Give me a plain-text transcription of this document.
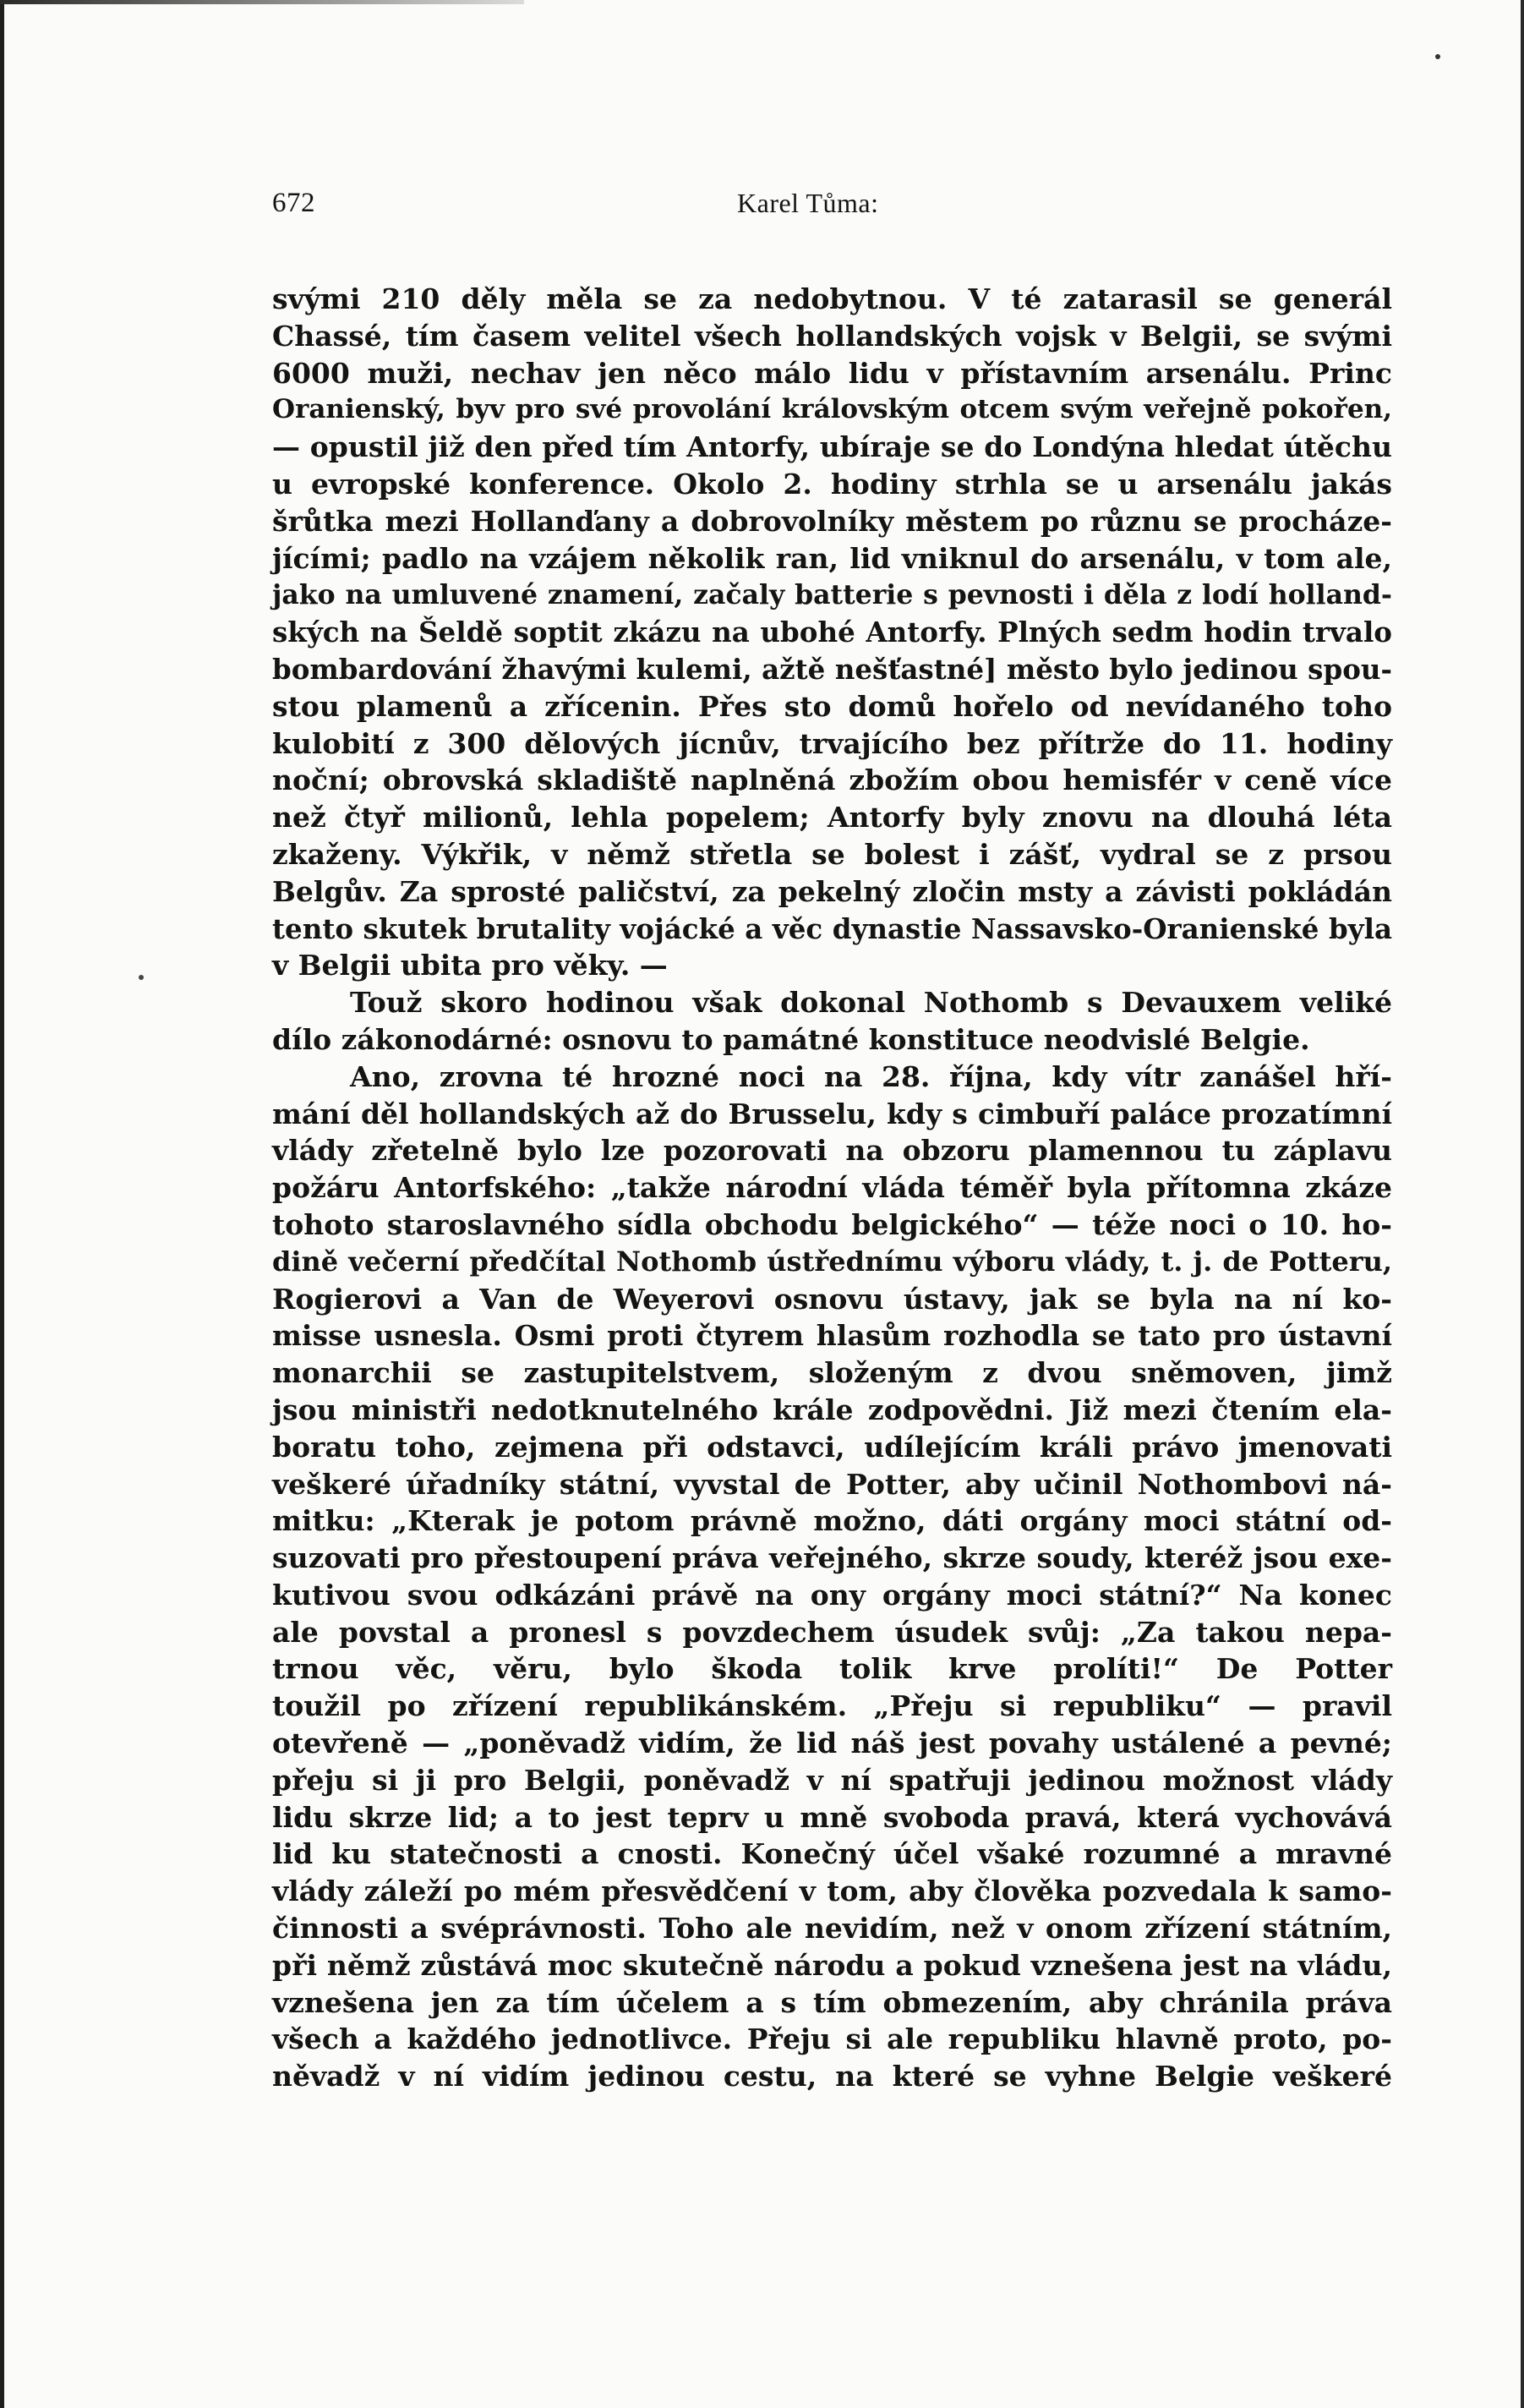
672	Karel Tůma:
svými 210 děly měla se za nedobytnou. V té zatarasil se generál
Chassé, tím časem velitel všech hollandských vojsk v Belgii, se svými
6000 muži, nechav jen něco málo lidu v přístavním arsenálu. Princ
Oranienský, byv pro své provolání královským otcem svým veřejně pokořen,
— opustil již den před tím Antorfy, ubíraje se do Londýna hledat útěchu
u evropské konference. Okolo 2. hodiny strhla se u arsenálu jakás
šrůtka mezi Hollanďany a dobrovolníky městem po různu se procháze-
jícími; padlo na vzájem několik ran, lid vniknul do arsenálu, v tom ale,
jako na umluvené znamení, začaly batterie s pevnosti i děla z lodí holland-
ských na Šeldě soptit zkázu na ubohé Antorfy. Plných sedm hodin trvalo
bombardování žhavými kulemi, ažtě nešťastné] město bylo jedinou spou-
stou plamenů a zřícenin. Přes sto domů hořelo od nevídaného toho
kulobití z 300 dělových jícnův, trvajícího bez přítrže do 11. hodiny
noční; obrovská skladiště naplněná zbožím obou hemisfér v ceně více
než čtyř milionů, lehla popelem; Antorfy byly znovu na dlouhá léta
zkaženy. Výkřik, v němž střetla se bolest i zášť, vydral se z prsou
Belgův. Za sprosté paličství, za pekelný zločin msty a závisti pokládán
tento skutek brutality vojácké a věc dynastie Nassavsko-Oranienské byla
v Belgii ubita pro věky. —
Touž skoro hodinou však dokonal Nothomb s Devauxem veliké
dílo zákonodárné: osnovu to památné konstituce neodvislé Belgie.
Ano, zrovna té hrozné noci na 28. října, kdy vítr zanášel hří-
mání děl hollandských až do Brusselu, kdy s cimbuří paláce prozatímní
vlády zřetelně bylo lze pozorovati na obzoru plamennou tu záplavu
požáru Antorfského: „takže národní vláda téměř byla přítomna zkáze
tohoto staroslavného sídla obchodu belgického“ — téže noci o 10. ho-
dině večerní předčítal Nothomb ústřednímu výboru vlády, t. j. de Potteru,
Rogierovi a Van de Weyerovi osnovu ústavy, jak se byla na ní ko-
misse usnesla. Osmi proti čtyrem hlasům rozhodla se tato pro ústavní
monarchii se zastupitelstvem, složeným z dvou sněmoven, jimž
jsou ministři nedotknutelného krále zodpovědni. Již mezi čtením ela-
boratu toho, zejmena při odstavci, udílejícím králi právo jmenovati
veškeré úřadníky státní, vyvstal de Potter, aby učinil Nothombovi ná-
mitku: „Kterak je potom právně možno, dáti orgány moci státní od-
suzovati pro přestoupení práva veřejného, skrze soudy, kteréž jsou exe-
kutivou svou odkázáni právě na ony orgány moci státní?“ Na konec
ale povstal a pronesl s povzdechem úsudek svůj: „Za takou nepa-
trnou věc, věru, bylo škoda tolik krve prolíti!“ De Potter
toužil po zřízení republikánském. „Přeju si republiku“ — pravil
otevřeně — „poněvadž vidím, že lid náš jest povahy ustálené a pevné;
přeju si ji pro Belgii, poněvadž v ní spatřuji jedinou možnost vlády
lidu skrze lid; a to jest teprv u mně svoboda pravá, která vychovává
lid ku statečnosti a cnosti. Konečný účel všaké rozumné a mravné
vlády záleží po mém přesvědčení v tom, aby člověka pozvedala k samo-
činnosti a svéprávnosti. Toho ale nevidím, než v onom zřízení státním,
při němž zůstává moc skutečně národu a pokud vznešena jest na vládu,
vznešena jen za tím účelem a s tím obmezením, aby chránila práva
všech a každého jednotlivce. Přeju si ale republiku hlavně proto, po-
něvadž v ní vidím jedinou cestu, na které se vyhne Belgie veškeré
